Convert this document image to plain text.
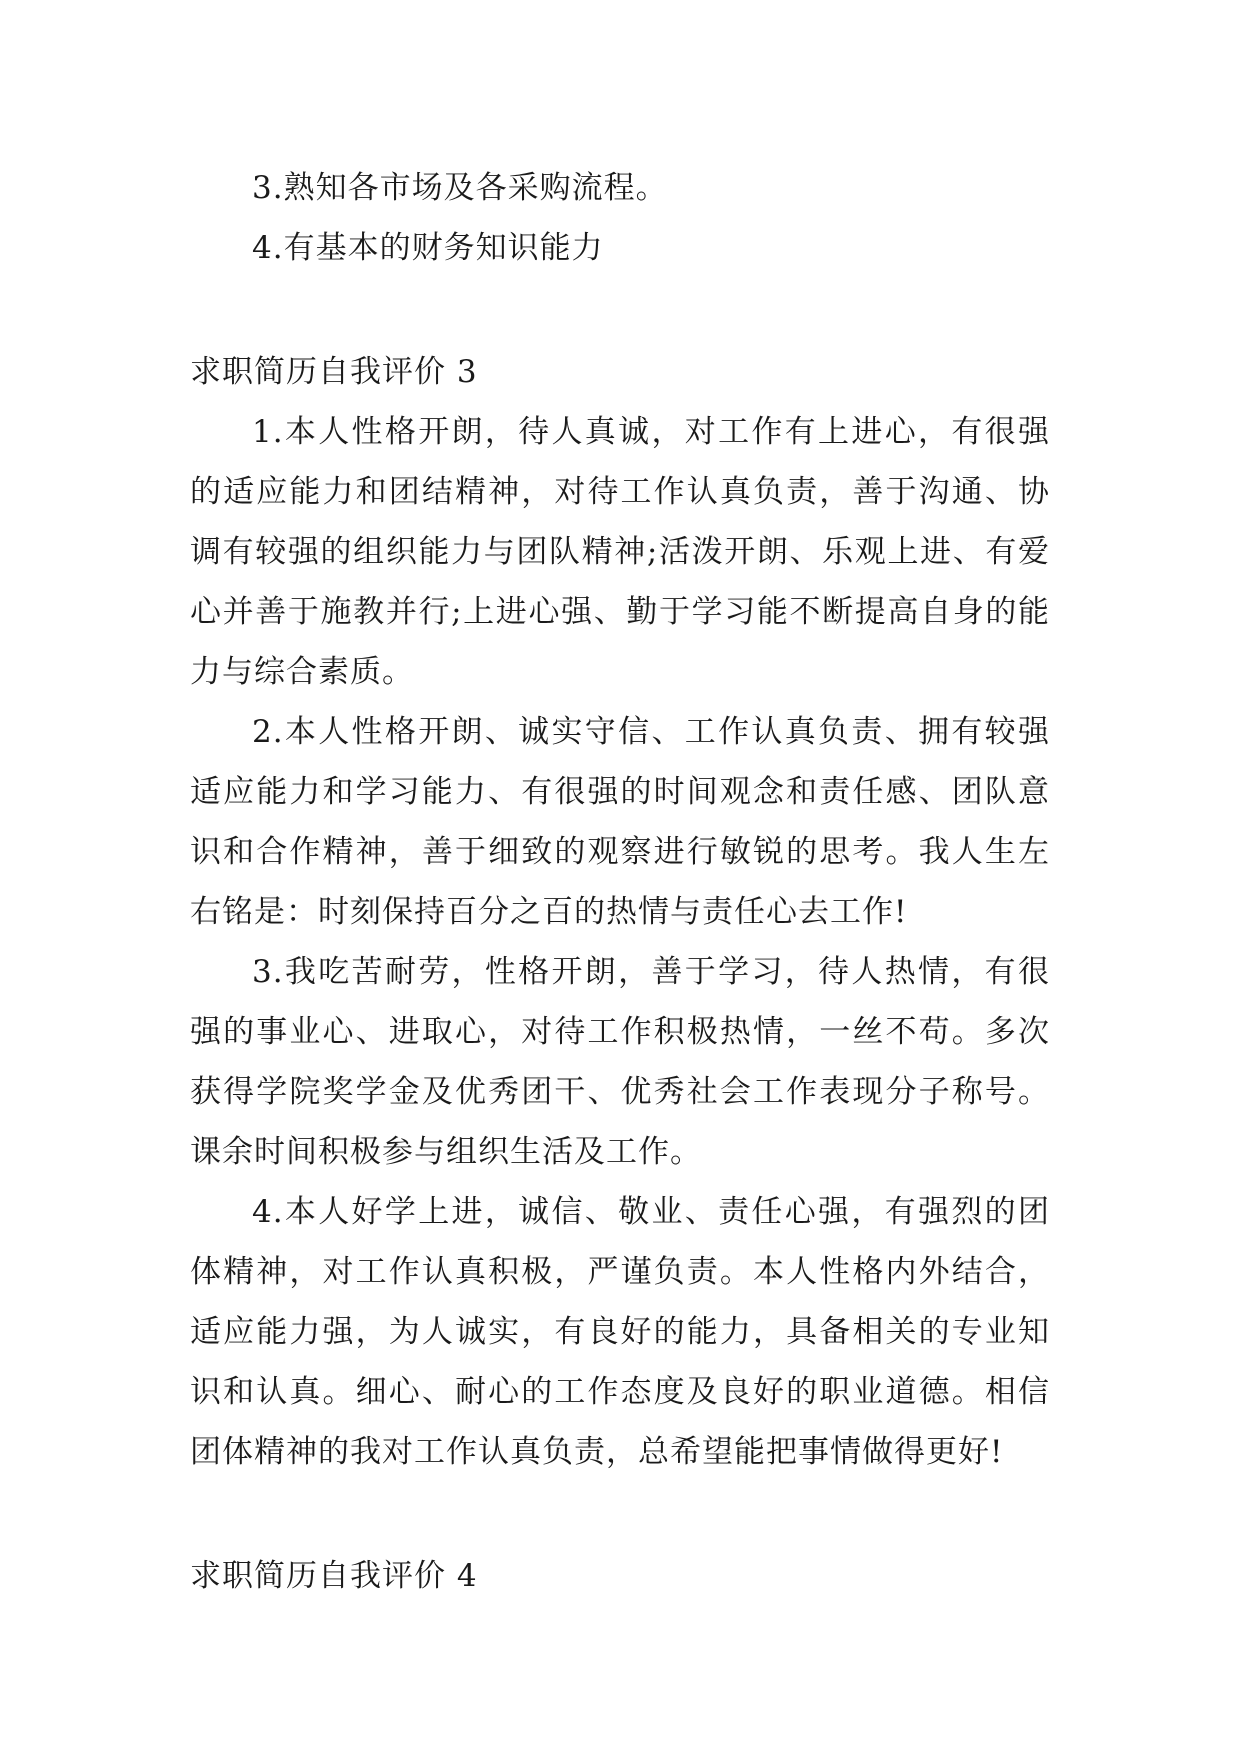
3.熟知各市场及各采购流程。

4.有基本的财务知识能力

求职简历自我评价 3

1.本人性格开朗，待人真诚，对工作有上进心，有很强的适应能力和团结精神，对待工作认真负责，善于沟通、协调有较强的组织能力与团队精神;活泼开朗、乐观上进、有爱心并善于施教并行;上进心强、勤于学习能不断提高自身的能力与综合素质。

2.本人性格开朗、诚实守信、工作认真负责、拥有较强适应能力和学习能力、有很强的时间观念和责任感、团队意识和合作精神，善于细致的观察进行敏锐的思考。我人生左右铭是：时刻保持百分之百的热情与责任心去工作!

3.我吃苦耐劳，性格开朗，善于学习，待人热情，有很强的事业心、进取心，对待工作积极热情，一丝不苟。多次获得学院奖学金及优秀团干、优秀社会工作表现分子称号。课余时间积极参与组织生活及工作。

4.本人好学上进，诚信、敬业、责任心强，有强烈的团体精神，对工作认真积极，严谨负责。本人性格内外结合，适应能力强，为人诚实，有良好的能力，具备相关的专业知识和认真。细心、耐心的工作态度及良好的职业道德。相信团体精神的我对工作认真负责，总希望能把事情做得更好!

求职简历自我评价 4
